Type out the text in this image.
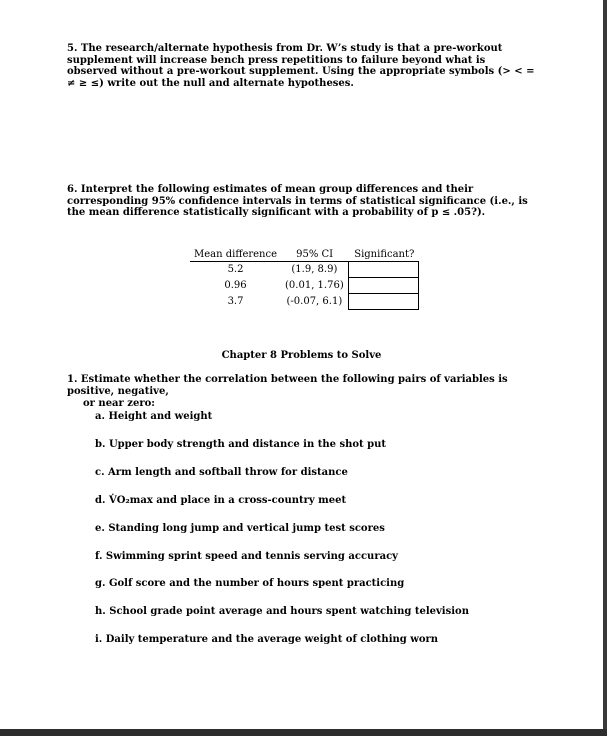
5. The research/alternate hypothesis from Dr. W’s study is that a pre-workout supplement will increase bench press repetitions to failure beyond what is observed without a pre-workout supplement. Using the appropriate symbols (> < = ≠ ≥ ≤) write out the null and alternate hypotheses.
6. Interpret the following estimates of mean group differences and their corresponding 95% confidence intervals in terms of statistical significance (i.e., is the mean difference statistically significant with a probability of p ≤ .05?).
Mean difference	95% CI	Significant?
5.2	(1.9, 8.9)	
0.96	(0.01, 1.76)	
3.7	(-0.07, 6.1)	
Chapter 8 Problems to Solve
1. Estimate whether the correlation between the following pairs of variables is positive, negative,
or near zero:
a. Height and weight
b. Upper body strength and distance in the shot put
c. Arm length and softball throw for distance
d. V̇O₂max and place in a cross-country meet
e. Standing long jump and vertical jump test scores
f. Swimming sprint speed and tennis serving accuracy
g. Golf score and the number of hours spent practicing
h. School grade point average and hours spent watching television
i. Daily temperature and the average weight of clothing worn
